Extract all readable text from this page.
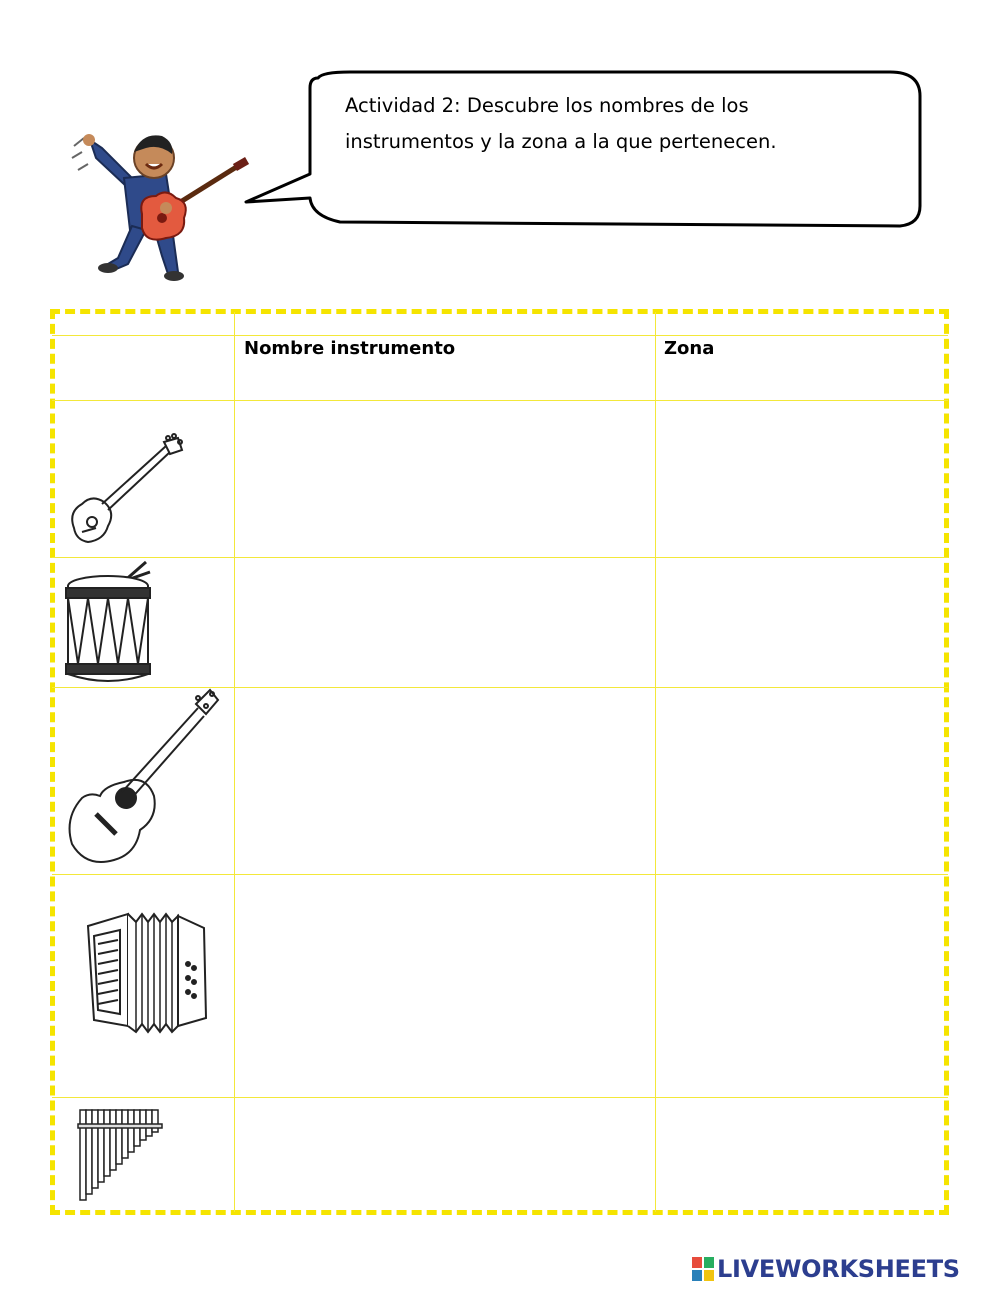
Actividad 2: Descubre los nombres de los
instrumentos y la zona a la que pertenecen.
Nombre instrumento	Zona
LIVEWORKSHEETS
